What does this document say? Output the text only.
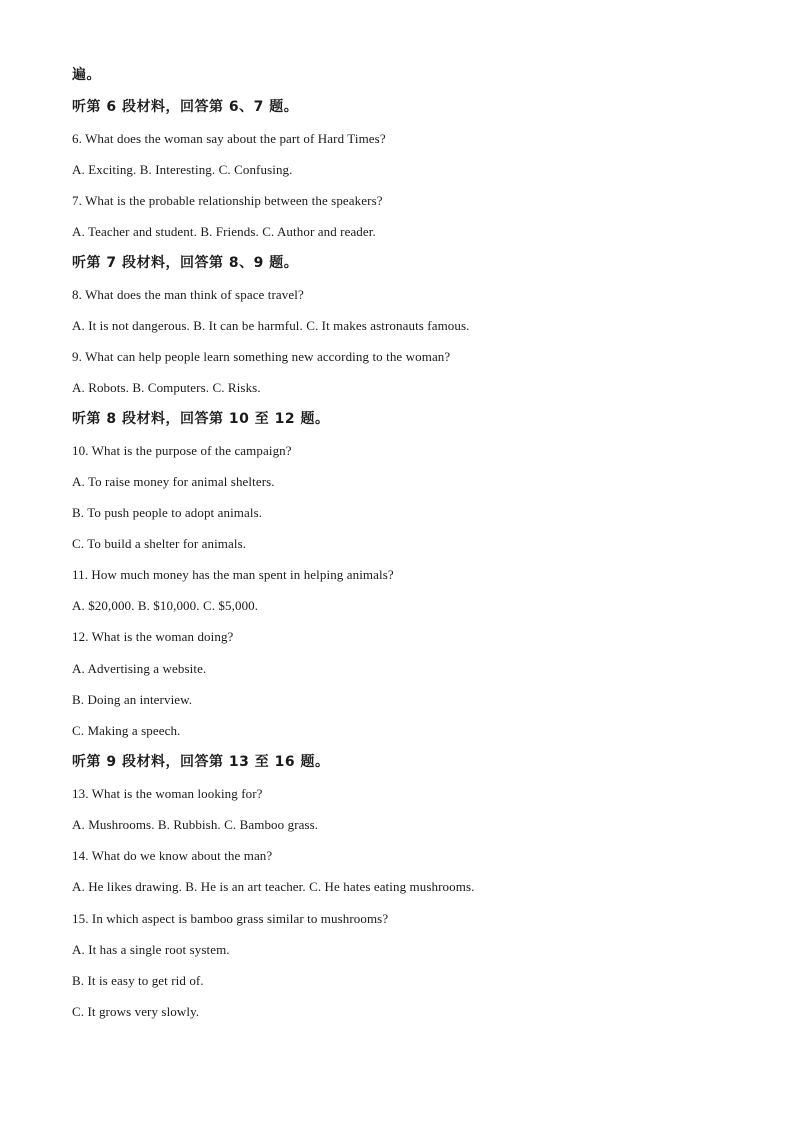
遍。
听第 6 段材料，回答第 6、7 题。
6. What does the woman say about the part of Hard Times?
A. Exciting. B. Interesting. C. Confusing.
7. What is the probable relationship between the speakers?
A. Teacher and student. B. Friends. C. Author and reader.
听第 7 段材料，回答第 8、9 题。
8. What does the man think of space travel?
A. It is not dangerous. B. It can be harmful. C. It makes astronauts famous.
9. What can help people learn something new according to the woman?
A. Robots. B. Computers. C. Risks.
听第 8 段材料，回答第 10 至 12 题。
10. What is the purpose of the campaign?
A. To raise money for animal shelters.
B. To push people to adopt animals.
C. To build a shelter for animals.
11. How much money has the man spent in helping animals?
A. $20,000. B. $10,000. C. $5,000.
12. What is the woman doing?
A. Advertising a website.
B. Doing an interview.
C. Making a speech.
听第 9 段材料，回答第 13 至 16 题。
13. What is the woman looking for?
A. Mushrooms. B. Rubbish. C. Bamboo grass.
14. What do we know about the man?
A. He likes drawing. B. He is an art teacher. C. He hates eating mushrooms.
15. In which aspect is bamboo grass similar to mushrooms?
A. It has a single root system.
B. It is easy to get rid of.
C. It grows very slowly.
